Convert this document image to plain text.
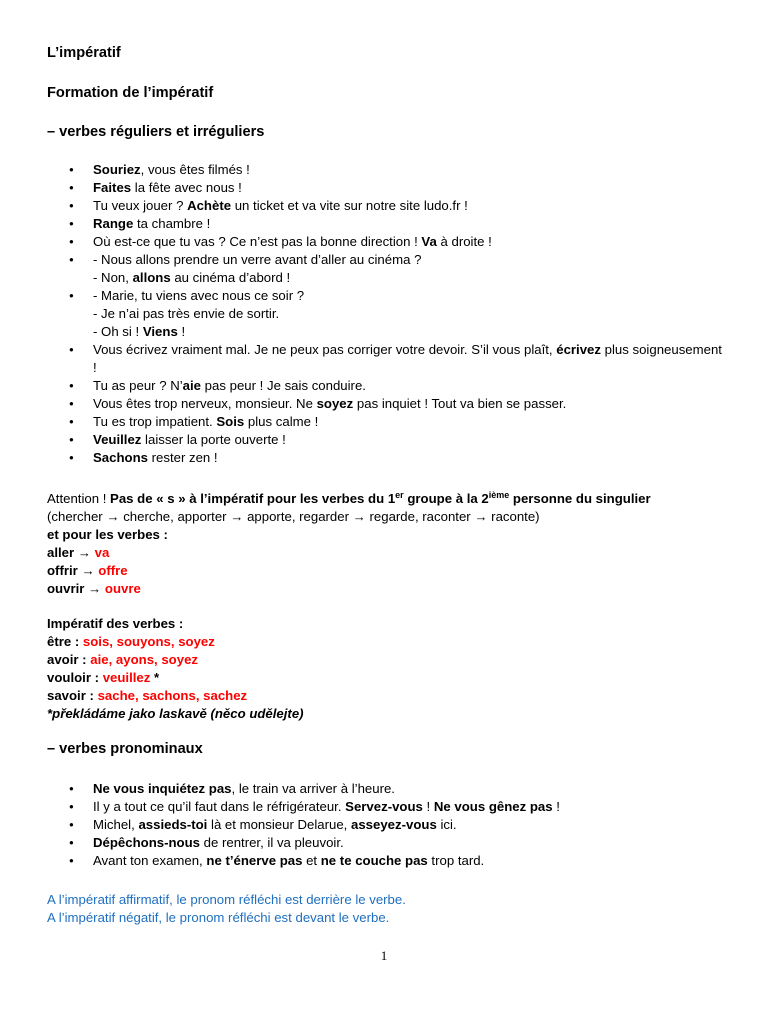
L’impératif
Formation de l’impératif
– verbes réguliers et irréguliers
● Souriez, vous êtes filmés !
● Faites la fête avec nous !
● Tu veux jouer ? Achète un ticket et va vite sur notre site ludo.fr !
● Range ta chambre !
● Où est-ce que tu vas ? Ce n’est pas la bonne direction ! Va à droite !
● - Nous allons prendre un verre avant d’aller au cinéma ?
- Non, allons au cinéma d’abord !
● - Marie, tu viens avec nous ce soir ?
- Je n’ai pas très envie de sortir.
- Oh si ! Viens !
● Vous écrivez vraiment mal. Je ne peux pas corriger votre devoir. S’il vous plaît, écrivez plus soigneusement !
● Tu as peur ? N’aie pas peur ! Je sais conduire.
● Vous êtes trop nerveux, monsieur. Ne soyez pas inquiet ! Tout va bien se passer.
● Tu es trop impatient. Sois plus calme !
● Veuillez laisser la porte ouverte !
● Sachons rester zen !
Attention ! Pas de « s » à l’impératif pour les verbes du 1er groupe à la 2ième personne du singulier
(chercher → cherche, apporter → apporte, regarder → regarde, raconter → raconte)
et pour les verbes :
aller → va
offrir → offre
ouvrir → ouvre
Impératif des verbes :
être : sois, souyons, soyez
avoir : aie, ayons, soyez
vouloir : veuillez *
savoir : sache, sachons, sachez
*překládáme jako laskavě (něco udělejte)
– verbes pronominaux
● Ne vous inquiétez pas, le train va arriver à l’heure.
● Il y a tout ce qu’il faut dans le réfrigérateur. Servez-vous ! Ne vous gênez pas !
● Michel, assieds-toi là et monsieur Delarue, asseyez-vous ici.
● Dépêchons-nous de rentrer, il va pleuvoir.
● Avant ton examen, ne t’énerve pas et ne te couche pas trop tard.
A l’impératif affirmatif, le pronom réfléchi est derrière le verbe.
A l’impératif négatif, le pronom réfléchi est devant le verbe.
1
